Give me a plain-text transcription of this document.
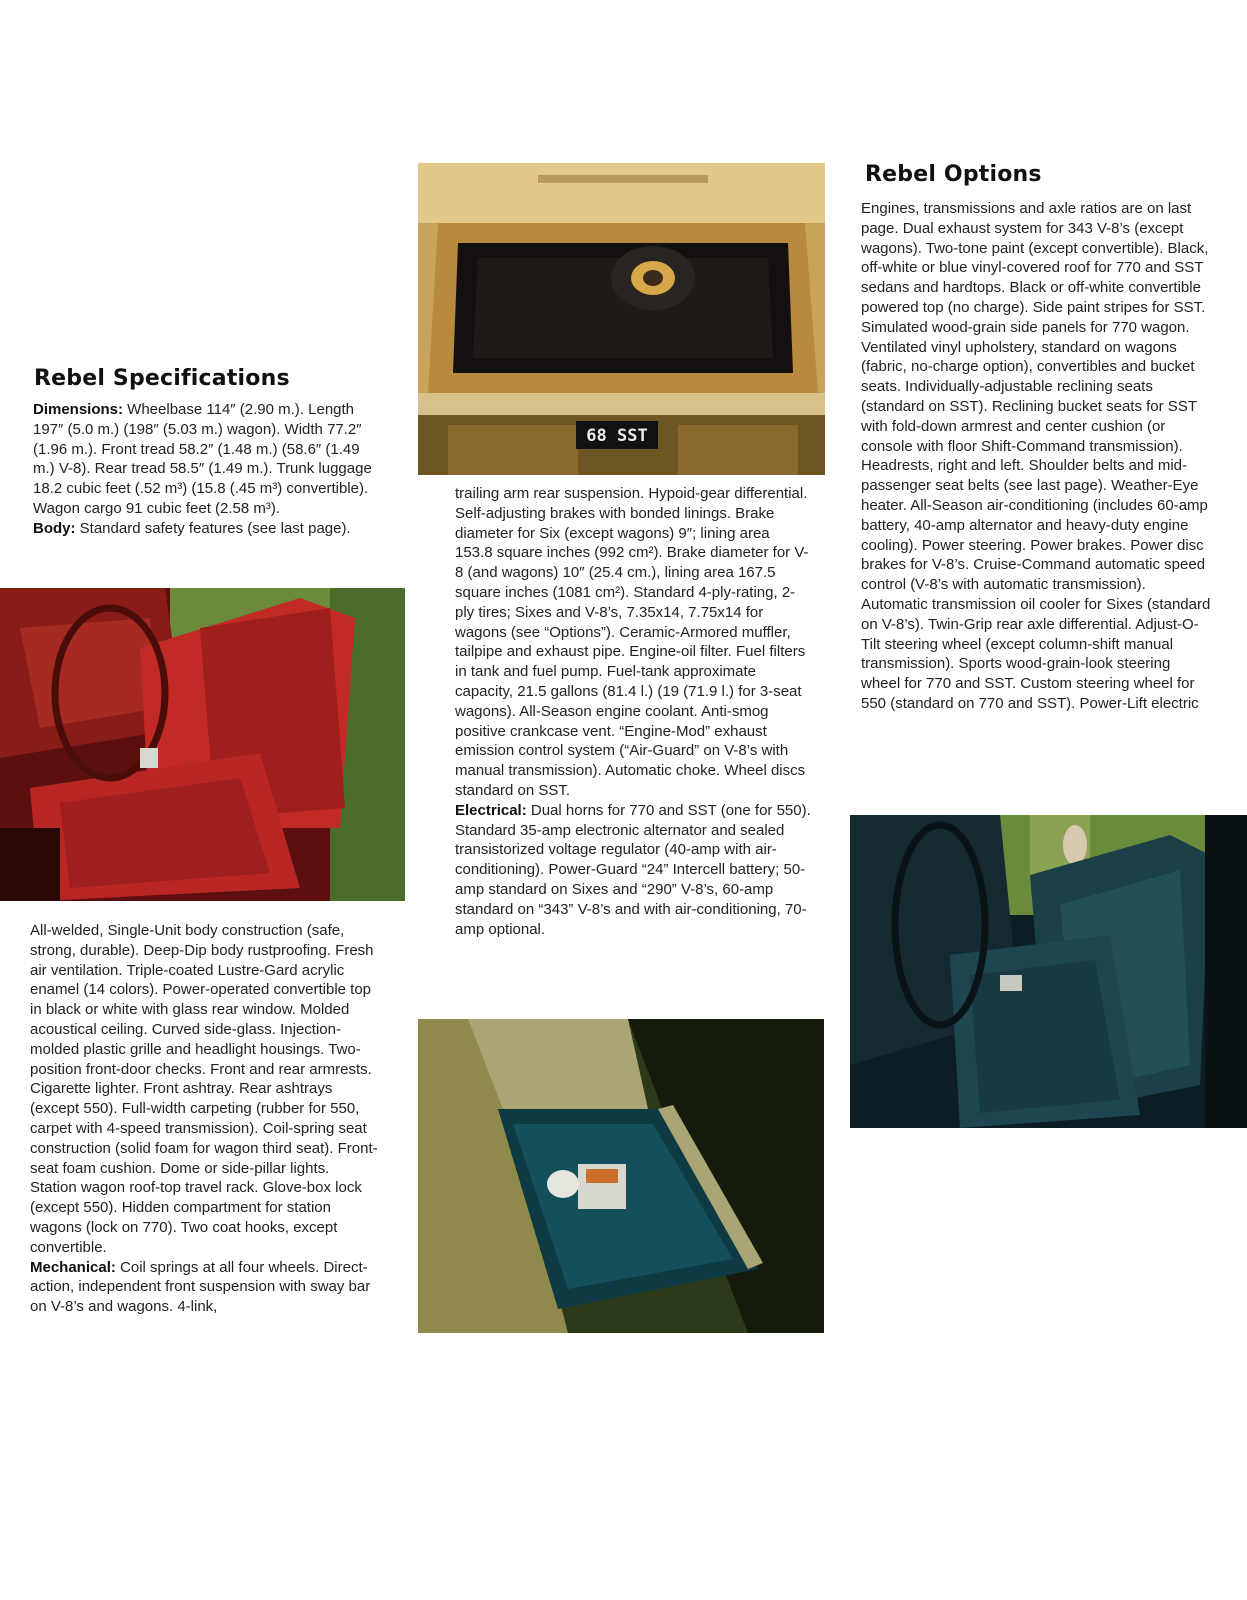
Rebel Specifications

Dimensions: Wheelbase 114″ (2.90 m.). Length 197″ (5.0 m.) (198″ (5.03 m.) wagon). Width 77.2″ (1.96 m.). Front tread 58.2″ (1.48 m.) (58.6″ (1.49 m.) V-8). Rear tread 58.5″ (1.49 m.). Trunk luggage 18.2 cubic feet (.52 m³) (15.8 (.45 m³) convertible). Wagon cargo 91 cubic feet (2.58 m³).
Body: Standard safety features (see last page).

All-welded, Single-Unit body construction (safe, strong, durable). Deep-Dip body rustproofing. Fresh air ventilation. Triple-coated Lustre-Gard acrylic enamel (14 colors). Power-operated convertible top in black or white with glass rear window. Molded acoustical ceiling. Curved side-glass. Injection-molded plastic grille and headlight housings. Two-position front-door checks. Front and rear armrests. Cigarette lighter. Front ashtray. Rear ashtrays (except 550). Full-width carpeting (rubber for 550, carpet with 4-speed transmission). Coil-spring seat construction (solid foam for wagon third seat). Front-seat foam cushion. Dome or side-pillar lights. Station wagon roof-top travel rack. Glove-box lock (except 550). Hidden compartment for station wagons (lock on 770). Two coat hooks, except convertible.
Mechanical: Coil springs at all four wheels. Direct-action, independent front suspension with sway bar on V-8’s and wagons. 4-link,

68 SST

trailing arm rear suspension. Hypoid-gear differential. Self-adjusting brakes with bonded linings. Brake diameter for Six (except wagons) 9″; lining area 153.8 square inches (992 cm²). Brake diameter for V-8 (and wagons) 10″ (25.4 cm.), lining area 167.5 square inches (1081 cm²). Standard 4-ply-rating, 2-ply tires; Sixes and V-8’s, 7.35x14, 7.75x14 for wagons (see “Options”). Ceramic-Armored muffler, tailpipe and exhaust pipe. Engine-oil filter. Fuel filters in tank and fuel pump. Fuel-tank approximate capacity, 21.5 gallons (81.4 l.) (19 (71.9 l.) for 3-seat wagons). All-Season engine coolant. Anti-smog positive crankcase vent. “Engine-Mod” exhaust emission control system (“Air-Guard” on V-8’s with manual transmission). Automatic choke. Wheel discs standard on SST.
Electrical: Dual horns for 770 and SST (one for 550). Standard 35-amp electronic alternator and sealed transistorized voltage regulator (40-amp with air-conditioning). Power-Guard “24” Intercell battery; 50-amp standard on Sixes and “290” V-8’s, 60-amp standard on “343” V-8’s and with air-conditioning, 70-amp optional.

Rebel Options

Engines, transmissions and axle ratios are on last page. Dual exhaust system for 343 V-8’s (except wagons). Two-tone paint (except convertible). Black, off-white or blue vinyl-covered roof for 770 and SST sedans and hardtops. Black or off-white convertible powered top (no charge). Side paint stripes for SST. Simulated wood-grain side panels for 770 wagon. Ventilated vinyl upholstery, standard on wagons (fabric, no-charge option), convertibles and bucket seats. Individually-adjustable reclining seats (standard on SST). Reclining bucket seats for SST with fold-down armrest and center cushion (or console with floor Shift-Command transmission). Headrests, right and left. Shoulder belts and mid-passenger seat belts (see last page). Weather-Eye heater. All-Season air-conditioning (includes 60-amp battery, 40-amp alternator and heavy-duty engine cooling). Power steering. Power brakes. Power disc brakes for V-8’s. Cruise-Command automatic speed control (V-8’s with automatic transmission). Automatic transmission oil cooler for Sixes (standard on V-8’s). Twin-Grip rear axle differential. Adjust-O-Tilt steering wheel (except column-shift manual transmission). Sports wood-grain-look steering wheel for 770 and SST. Custom steering wheel for 550 (standard on 770 and SST). Power-Lift electric
